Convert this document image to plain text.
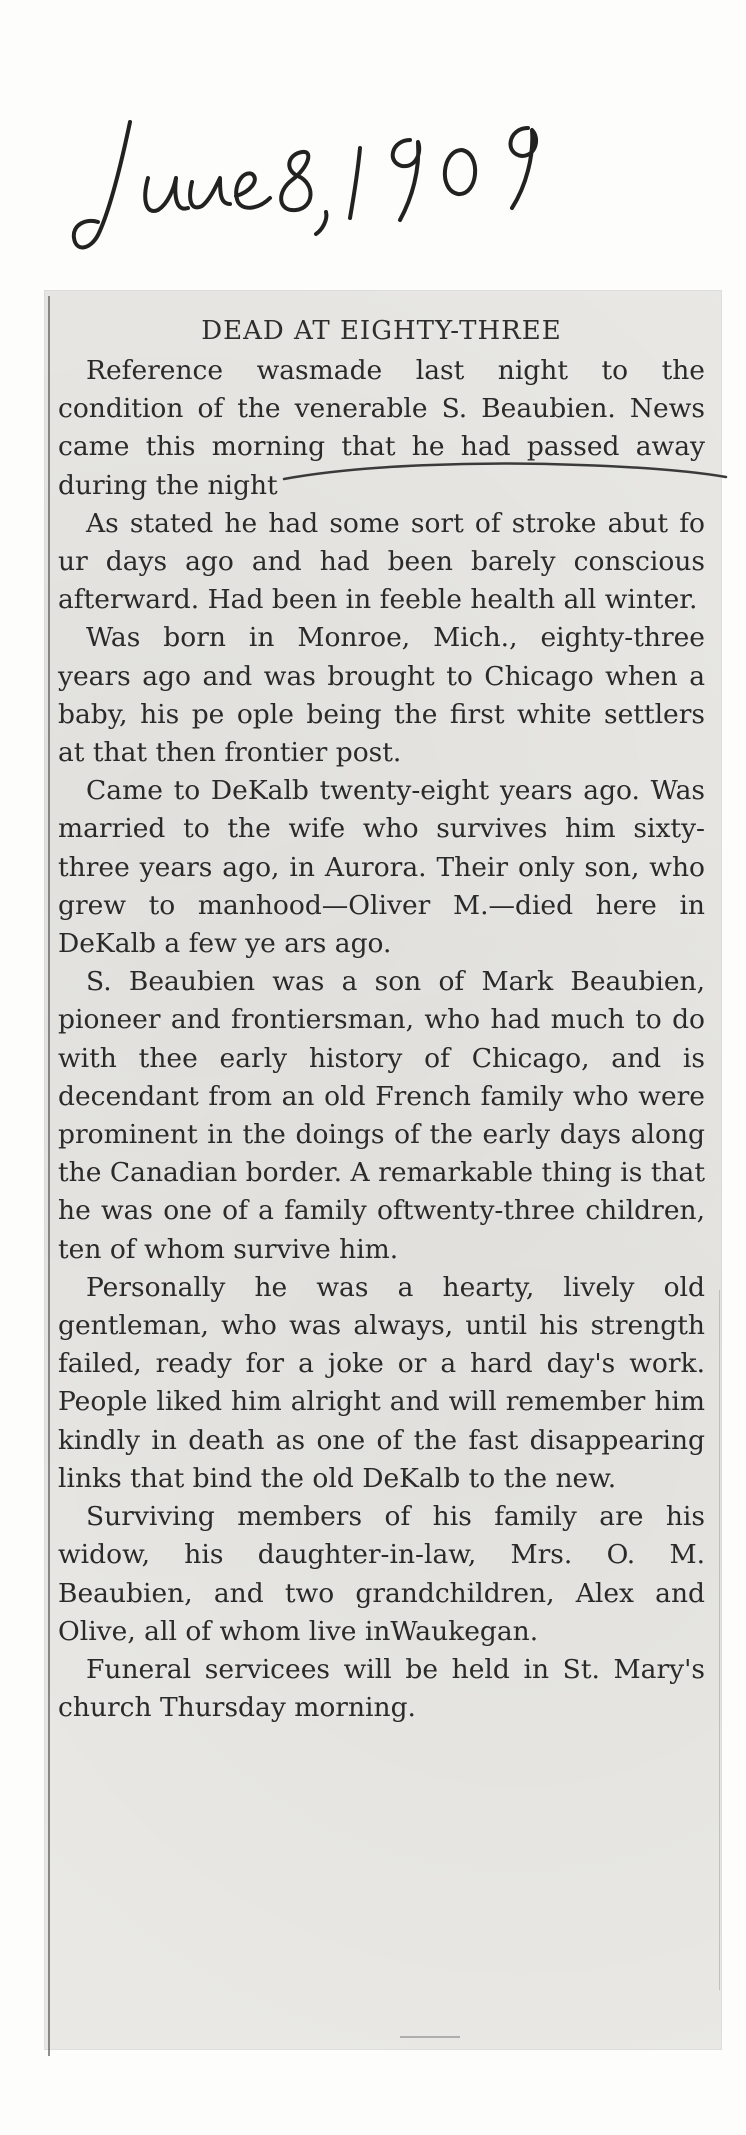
DEAD AT EIGHTY-THREE

Reference wasmade last night to the condition of the venerable S. Beaubien. News came this morning that he had passed away during the night

As stated he had some sort of stroke abut fo ur days ago and had been barely conscious afterward. Had been in feeble health all winter.

Was born in Monroe, Mich., eighty-three years ago and was brought to Chicago when a baby, his pe ople being the first white settlers at that then frontier post.

Came to DeKalb twenty-eight years ago. Was married to the wife who survives him sixty-three years ago, in Aurora. Their only son, who grew to manhood—Oliver M.—died here in DeKalb a few ye ars ago.

S. Beaubien was a son of Mark Beaubien, pioneer and frontiersman, who had much to do with thee early history of Chicago, and is decendant from an old French family who were prominent in the doings of the early days along the Canadian border. A remarkable thing is that he was one of a family oftwenty-three children, ten of whom survive him.

Personally he was a hearty, lively old gentleman, who was always, until his strength failed, ready for a joke or a hard day's work. People liked him alright and will remember him kindly in death as one of the fast disappearing links that bind the old DeKalb to the new.

Surviving members of his family are his widow, his daughter-in-law, Mrs. O. M. Beaubien, and two grandchildren, Alex and Olive, all of whom live inWaukegan.

Funeral servicees will be held in St. Mary's church Thursday morning.
